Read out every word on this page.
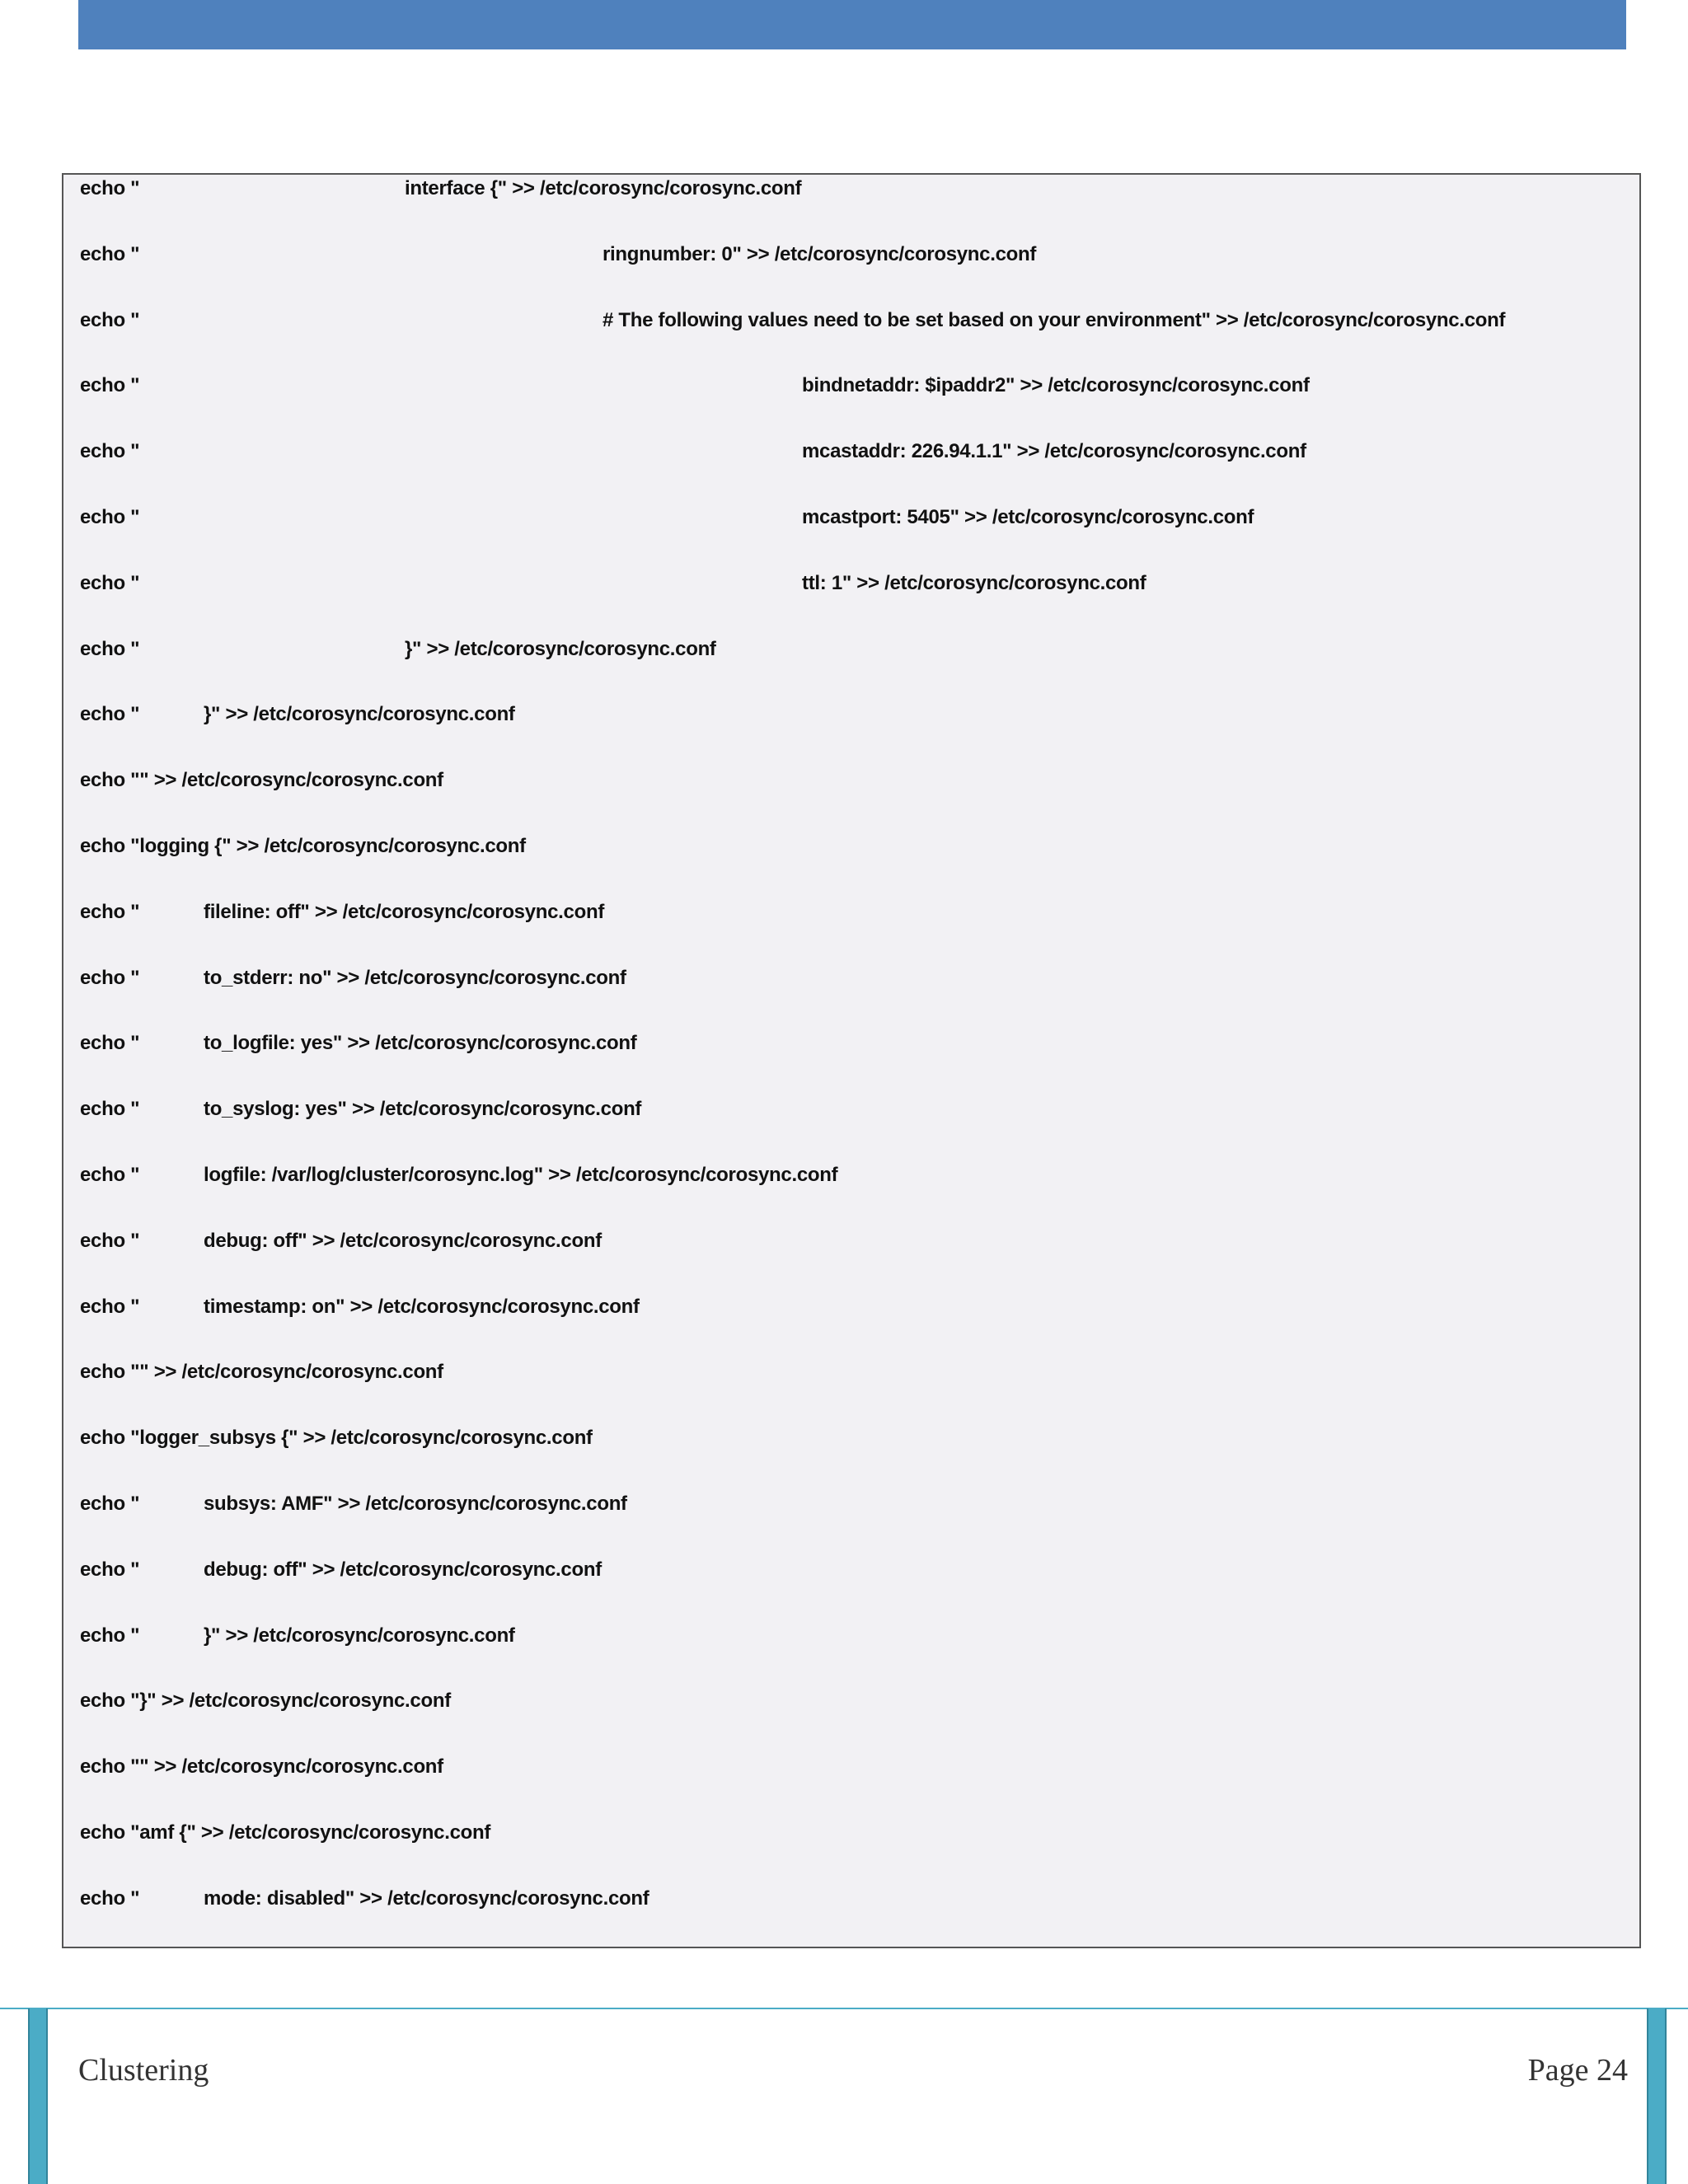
echo "	interface {" >> /etc/corosync/corosync.conf
echo "	ringnumber: 0" >> /etc/corosync/corosync.conf
echo "	# The following values need to be set based on your environment" >> /etc/corosync/corosync.conf
echo "	bindnetaddr: $ipaddr2" >> /etc/corosync/corosync.conf
echo "	mcastaddr: 226.94.1.1" >> /etc/corosync/corosync.conf
echo "	mcastport: 5405" >> /etc/corosync/corosync.conf
echo "	ttl: 1" >> /etc/corosync/corosync.conf
echo "	}" >> /etc/corosync/corosync.conf
echo "	}" >> /etc/corosync/corosync.conf
echo "" >> /etc/corosync/corosync.conf
echo "logging {" >> /etc/corosync/corosync.conf
echo "	fileline: off" >> /etc/corosync/corosync.conf
echo "	to_stderr: no" >> /etc/corosync/corosync.conf
echo "	to_logfile: yes" >> /etc/corosync/corosync.conf
echo "	to_syslog: yes" >> /etc/corosync/corosync.conf
echo "	logfile: /var/log/cluster/corosync.log" >> /etc/corosync/corosync.conf
echo "	debug: off" >> /etc/corosync/corosync.conf
echo "	timestamp: on" >> /etc/corosync/corosync.conf
echo "" >> /etc/corosync/corosync.conf
echo "logger_subsys {" >> /etc/corosync/corosync.conf
echo "	subsys: AMF" >> /etc/corosync/corosync.conf
echo "	debug: off" >> /etc/corosync/corosync.conf
echo "	}" >> /etc/corosync/corosync.conf
echo "}" >> /etc/corosync/corosync.conf
echo "" >> /etc/corosync/corosync.conf
echo "amf {" >> /etc/corosync/corosync.conf
echo "	mode: disabled" >> /etc/corosync/corosync.conf
Clustering	Page 24
